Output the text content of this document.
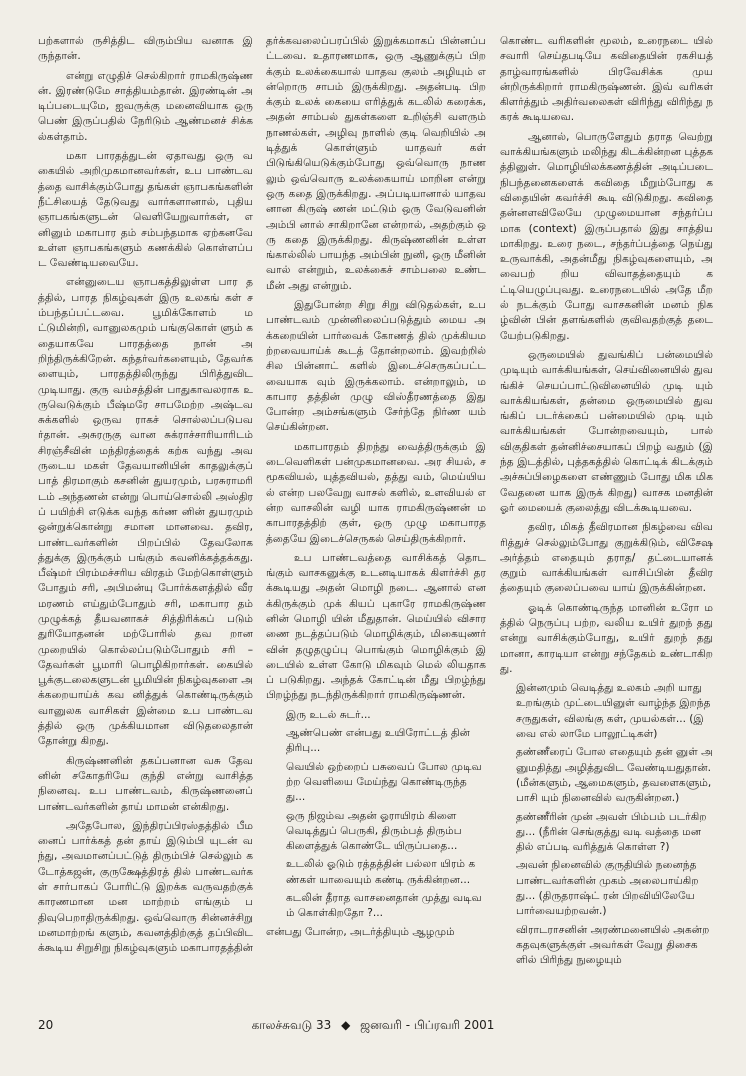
பற்களால் ருசித்திட விரும்பிய வனாக இருந்தான்.

என்று எழுதிச் செல்கிறார் ராமகிருஷ்ணன். இரண்டுமே சாத்தியம்தான். இரண்டின் அடிப்படையுமே, ஐவருக்கு மனைவியாக ஒரு பெண் இருப்பதில் நேரிடும் ஆண்மனச் சிக்கல்கள்தாம்.

மகா பாரதத்துடன் ஏதாவது ஒரு வகையில் அறிமுகமானவர்கள், உப பாண்டவத்தை வாசிக்கும்போது தங்கள் ஞாபகங்களின் நீட்சியைத் தேடுவது வார்களானால், புதிய ஞாபகங்களுடன் வெளியேறுவார்கள், எனினும் மகாபார தம் சம்பந்தமாக ஏற்கனவே உள்ள ஞாபகங்களும் கணக்கில் கொள்ளப்பட வேண்டியவையே.

என்னுடைய ஞாபகத்திலுள்ள பார தத்தில், பாரத நிகழ்வுகள் இரு உலகங் கள் சம்பந்தப்பட்டவை. பூமிக்கோளம் மட்டுமின்றி, வானுலகமும் பங்குகொள் ளும் கதையாகவே பாரதத்தை நான் அறிந்திருக்கிறேன். கந்தர்வர்களையும், தேவர்களையும், பாரதத்திலிருந்து பிரித்துவிட முடியாது. குரு வம்சத்தின் பாதுகாவலராக உருவெடுக்கும் பீஷ்மரே சாபமேற்ற அஷ்டவசுக்களில் ஒருவ ராகச் சொல்லப்படுபவர்தான். அசுரருகு வான சுக்ராச்சாரியாரிடம் சிரஞ்சீவின் மந்திரத்தைக் கற்க வந்து அவருடைய மகள் தேவயானியின் காதலுக்குப் பாத் திரமாகும் கசனின் துயரமும், பரசுராமரி டம் அந்தணன் என்று பொய்சொல்லி அஸ்திரப் பயிற்சி எடுக்க வந்த கர்ண னின் துயரமும் ஒன்றுக்கொன்று சமான மானவை. தவிர, பாண்டவர்களின் பிறப்பில் தேவலோகத்துக்கு இருக்கும் பங்கும் கவனிக்கத்தக்கது. பீஷ்மர் பிரம்மச்சரிய விரதம் மேற்கொள்ளும் போதும் சரி, அபிமன்யு போர்க்களத்தில் வீரமரணம் எய்தும்போதும் சரி, மகாபார தம் முழுக்கத் தீயவனாகச் சித்திரிக்கப் படும் துரியோதனன் மற்போரில் தவ றான முறையில் கொல்லப்படும்போதும் சரி – தேவர்கள் பூமாரி பொழிகிறார்கள். கையில் பூக்குடலைகளுடன் பூமியின் நிகழ்வுகளை அக்கறையாய்க் கவ னித்துக் கொண்டிருக்கும் வானுலக வாசிகள் இன்மை உப பாண்டவத்தில் ஒரு முக்கியமான விடுதலைதான் தோன்று கிறது.

கிருஷ்ணனின் தகப்பனான வசு தேவனின் சகோதரியே குந்தி என்று வாசித்த நினைவு. உப பாண்டவம், கிருஷ்ணனைப் பாண்டவர்களின் தாய் மாமன் என்கிறது.

அதேபோல, இந்திரப்பிரஸ்தத்தில் பீமனைப் பார்க்கத் தன் தாய் இடும்பி யுடன் வந்து, அவமானப்பட்டுத் திரும்பிச் செல்லும் கடோத்கஜன், குருக்ஷேத்திரத் தில் பாண்டவர்கள் சார்பாகப் போரிட்டு இறக்க வருவதற்குக் காரணமான மன மாற்றம் எங்கும் பதிவுபெறாதிருக்கிறது. ஒவ்வொரு சின்னச்சிறு மனமாற்றங் களும், கவனத்திற்குத் தப்பிவிடக்கூடிய சிறுசிறு நிகழ்வுகளும் மகாபாரதத்தின்

தர்க்கவலைப்பரப்பில் இறுக்கமாகப் பின்னப்பட்டவை. உதாரணமாக, ஒரு ஆணுக்குப் பிறக்கும் உலக்கையால் யாதவ குலம் அழியும் என்றொரு சாபம் இருக்கிறது. அதன்படி பிறக்கும் உலக் கையை எரித்துக் கடலில் கரைக்க, அதன் சாம்பல் துகள்களை உறிஞ்சி வளரும் நாணல்கள், அழிவு நாளில் குடி வெறியில் அடித்துக் கொள்ளும் யாதவர் கள் பிடுங்கியெடுக்கும்போது ஒவ்வொரு நாணலும் ஒவ்வொரு உலக்கையாய் மாறின என்று ஒரு கதை இருக்கிறது. அப்படியானால் யாதவனான கிருஷ் ணன் மட்டும் ஒரு வேடுவனின் அம்பி னால் சாகிறானே என்றால், அதற்கும் ஒரு கதை இருக்கிறது. கிருஷ்ணனின் உள்ளங்கால்லில் பாயந்த அம்பின் நுனி, ஒரு மீனின் வால் என்றும், உலக்கைச் சாம்பலை உண்ட மீன் அது என்றும்.

இதுபோன்ற சிறு சிறு விடுதல்கள், உபபாண்டவம் முன்னிலைப்படுத்தும் மைய அக்கறையின் பார்வைக் கோணத் தில் முக்கியமற்றவையாய்க் கூடத் தோன்றலாம். இவற்றில் சில பின்னாட் களில் இடைச்செருகப்பட்டவையாக வும் இருக்கலாம். என்றாலும், மகாபார தத்தின் முழு விஸ்தீரணத்தை இது போன்ற அம்சங்களும் சேர்ந்தே நிர்ண யம் செய்கின்றன.

மகாபாரதம் திறந்து வைத்திருக்கும் இடைவெளிகள் பன்முகமானவை. அர சியல், சமூகவியல், யுத்தவியல், தத்து வம், மெய்யியல் என்ற பலவேறு வாசல் களில், உளவியல் என்ற வாசலின் வழி யாக ராமகிருஷ்ணன் மகாபாரதத்திற் குள், ஒரு முழு மகாபாரதத்தையே இடைச்செருகல் செய்திருக்கிறார்.

உப பாண்டவத்தை வாசிக்கத் தொடங்கும் வாசகனுக்கு உடனடியாகக் கிளர்ச்சி தரக்கூடியது அதன் மொழி நடை. ஆனால் எனக்கிருக்கும் முக் கியப் புகாரே ராமகிருஷ்ணனின் மொழி யின் மீதுதான். மெய்யில் விசாரணை நடத்தப்படும் மொழிக்கும், மிகையுணர் வின் தழுதழுப்பு பொங்கும் மொழிக்கும் இடையில் உள்ள கோடு மிகவும் மெல் லியதாகப் படுகிறது. அந்தக் கோட்டின் மீது பிறழ்ந்து பிறழ்ந்து நடந்திருக்கிறார் ராமகிருஷ்ணன்.

இரு உடல் சுடர்...

ஆண்பெண் என்பது உயிரோட்டத் தின் திரிபு...

வெயில் ஒற்றைப் பசுவைப் போல முடிவற்ற வெளியை மேய்ந்து கொண்டிருந்தது...

ஒரு நிஜம்வ அதன் ஓராயிரம் கிளை வெடித்துப் பெருகி, திரும்பத் திரும்ப கிளைத்துக் கொண்டே யிருப்பதை...

உடலில் ஓடும் ரத்தத்தின் பல்லா யிரம் கண்கள் யாவையும் கண்டி ருக்கின்றன...

கடலின் தீராத வாசனைதான் முத்து வடிவம் கொள்கிறதோ ?...

என்பது போன்ற, அடர்த்தியும் ஆழமும்

கொண்ட வரிகளின் மூலம், உரைநடை யில் சவாரி செய்தபடியே கவிதையின் ரகசியத் தாழ்வாரங்களில் பிரவேசிக்க முயன்றிருக்கிறார் ராமகிருஷ்ணன். இவ் வரிகள் கிளர்த்தும் அதிர்வலைகள் விரிந்து விரிந்து நகரக் கூடியவை.

ஆனால், பொருளேதும் தராத வெற்று வாக்கியங்களும் மலிந்து கிடக்கின்றன புத்தகத்தினுள். மொழியிலக்கணத்தின் அடிப்படை நிபந்தனைகளைக் கவிதை மீறும்போது கவிதையின் கவர்ச்சி கூடி விடுகிறது. கவிதை தன்னளவிலேயே முழுமையான சந்தர்ப்பமாக (context) இருப்பதால் இது சாத்தியமாகிறது. உரை நடை, சந்தர்ப்பத்தை நெய்து உருவாக்கி, அதன்மீது நிகழ்வுகளையும், அவைபற் றிய விவாதத்தையும் கட்டியெழுப்புவது. உரைநடையில் அதே மீறல் நடக்கும் போது வாசகனின் மனம் நிகழ்வின் பின் தளங்களில் குவிவதற்குத் தடை யேற்படுகிறது.

ஒருமையில் துவங்கிப் பன்மையில் முடியும் வாக்கியங்கள், செய்வினையில் துவங்கிச் செயப்பாட்டுவினையில் முடி யும் வாக்கியங்கள், தன்மை ஒருமையில் துவங்கிப் படர்க்கைப் பன்மையில் முடி யும் வாக்கியங்கள் போன்றவையும், பால் விகுதிகள் தன்னிச்சையாகப் பிறழ் வதும் (இந்த இடத்தில், புத்தகத்தில் கொட்டிக் கிடக்கும் அச்சுப்பிழைகளை எண்ணும் போது மிக மிக வேதனை யாக இருக் கிறது) வாசக மனதின் ஓர் மையைக் குலைத்து விடக்கூடியவை.

தவிர, மிகத் தீவிரமான நிகழ்வை விவரித்துச் செல்லும்போது குறுக்கிடும், விசேஷ அர்த்தம் எதையும் தராத/ தட்டையானக் குறும் வாக்கியங்கள் வாசிப்பின் தீவிரத்தையும் குலைப்பவை யாய் இருக்கின்றன.

ஓடிக் கொண்டிருந்த மானின் உரோ மத்தில் நெருப்பு பற்ற, வலிய உயிர் துறந் தது என்று வாசிக்கும்போது, உயிர் துறந் தது மானா, காரடியா என்று சந்தேகம் உண்டாகிறது.

இன்னமும் வெடித்து உலகம் அறி யாது உறங்கும் முட்டையினுள் வாழ்ந்த இறந்த சருதுகள், விலங்கு கள், முயல்கள்... (இவை எல் லாமே பாலூட்டிகள்)

தண்ணீரைப் போல எதையும் தன் னுள் அனுமதித்து அழித்துவிட வேண்டியதுதான். (மீன்களும், ஆமைகளும், தவளைகளும், பாசி யும் நினைவில் வருகின்றன.)

தண்ணீரின் முன் அவள் பிம்பம் படர்கிறது... (நீரின் செங்குத்து வடி வத்தை மனதில் எப்படி வரித்துக் கொள்ள ?)

அவன் நினைவில் குருதியில் நனைந்த பாண்டவர்களின் முகம் அலைபாய்கிறது... (திருதராஷ்ட் ரன் பிறவியிலேயே பார்வையற்றவன்.)

விராடராசனின் அரண்மனையில் அகன்ற கதவுகளுக்குள் அவர்கள் வேறு திசைகளில் பிரிந்து நுழையும்

20	காலச்சுவடு 33 ◆ ஜனவரி - பிப்ரவரி 2001
